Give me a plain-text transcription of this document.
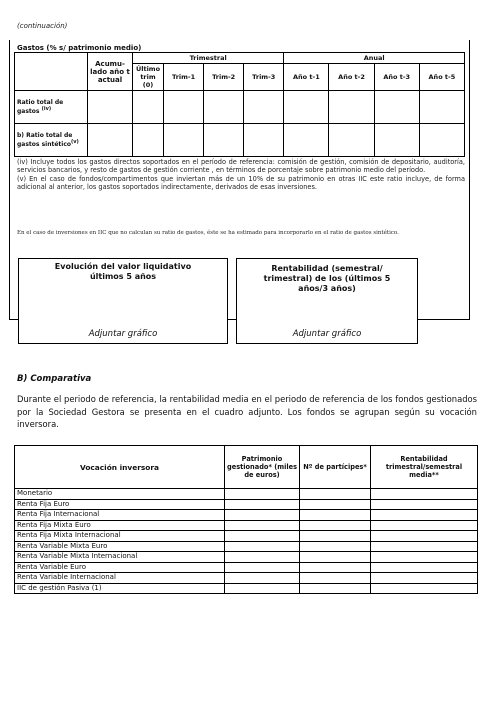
(continuación)
Gastos (% s/ patrimonio medio)
	Acumu-lado año t actual	Trimestral				Anual			
		Último trim (0)	Trim-1	Trim-2	Trim-3	Año t-1	Año t-2	Año t-3	Año t-5
Ratio total de gastos $^{(iv)}$									
b) Ratio total de gastos sintético$^{(v)}$									
(iv) Incluye todos los gastos directos soportados en el período de referencia: comisión de gestión, comisión de depositario, auditoría, servicios bancarios, y resto de gastos de gestión corriente , en términos de porcentaje sobre patrimonio medio del período.
(v) En el caso de fondos/compartimentos que inviertan más de un 10% de su patrimonio en otras IIC este ratio incluye, de forma adicional al anterior, los gastos soportados indirectamente, derivados de esas inversiones.
En el caso de inversiones en IIC que no calculan su ratio de gastos, éste se ha estimado para incorporarlo en el ratio de gastos sintético.
Evolución del valor liquidativo últimos 5 años
Adjuntar gráfico
Rentabilidad (semestral/ trimestral) de los (últimos 5 años/3 años)
Adjuntar gráfico
B) Comparativa
Durante el periodo de referencia, la rentabilidad media en el periodo de referencia de los fondos gestionados por la Sociedad Gestora se presenta en el cuadro adjunto. Los fondos se agrupan según su vocación inversora.
Vocación inversora	Patrimonio gestionado* (miles de euros)	Nº de partícipes*	Rentabilidad trimestral/semestral media**
Monetario			
Renta Fija Euro			
Renta Fija Internacional			
Renta Fija Mixta Euro			
Renta Fija Mixta Internacional			
Renta Variable Mixta Euro			
Renta Variable Mixta Internacional			
Renta Variable Euro			
Renta Variable Internacional			
IIC de gestión Pasiva (1)			
